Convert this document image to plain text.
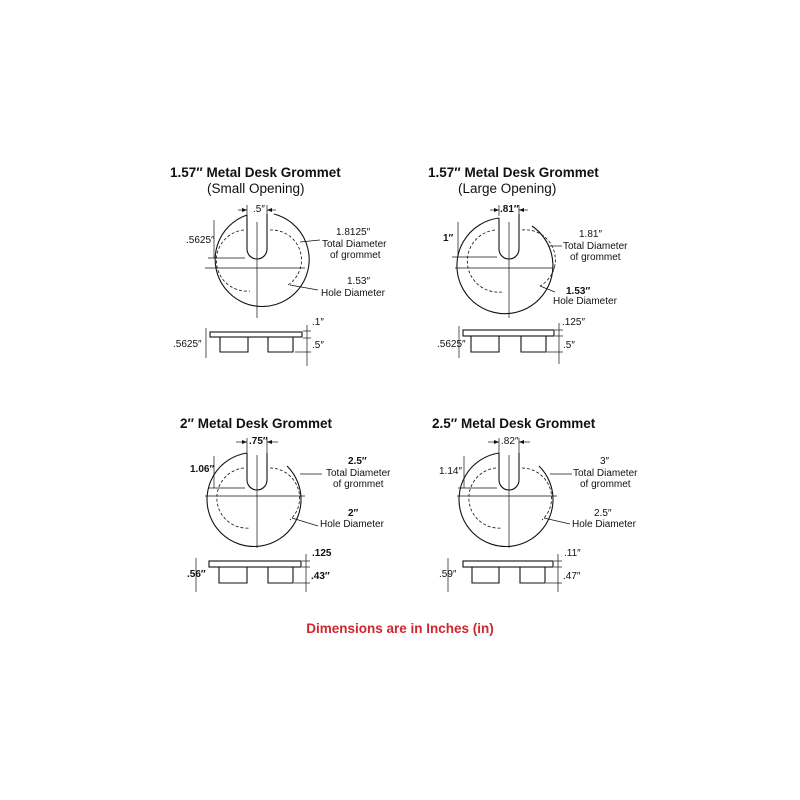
1.57″ Metal Desk Grommet
(Small Opening)
.5″
.5625″
1.8125″
Total Diameter
of grommet
1.53″
Hole Diameter
.5625″
.1″
.5″
1.57″ Metal Desk Grommet
(Large Opening)
.81″
1″	1.81″
Total Diameter
of grommet
1.53″
Hole Diameter
.5625″
.125″
.5″
2″ Metal Desk Grommet
.75″
1.06″
2.5″
Total Diameter
of grommet
2″
Hole Diameter
.56″
.125
.43″
2.5″ Metal Desk Grommet
.82″
1.14″
3″
Total Diameter
of grommet
2.5″
Hole Diameter
.59″
.11″
.47″
Dimensions are in Inches (in)
